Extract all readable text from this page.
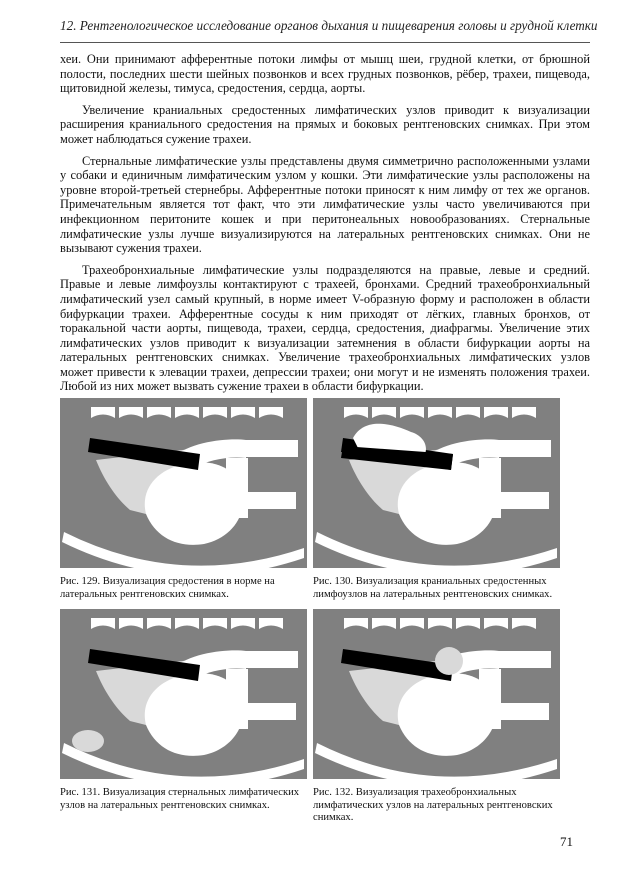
12. Рентгенологическое исследование органов дыхания и пищеварения головы и грудной клетки

хеи. Они принимают афферентные потоки лимфы от мышц шеи, грудной клетки, от брюшной полости, последних шести шейных позвонков и всех грудных позвонков, рёбер, трахеи, пищевода, щитовидной железы, тимуса, средостения, сердца, аорты.

Увеличение краниальных средостенных лимфатических узлов приводит к визуализации расширения краниального средостения на прямых и боковых рентгеновских снимках. При этом может наблюдаться сужение трахеи.

Стернальные лимфатические узлы представлены двумя симметрично расположенными узлами у собаки и единичным лимфатическим узлом у кошки. Эти лимфатические узлы расположены на уровне второй-третьей стернебры. Афферентные потоки приносят к ним лимфу от тех же органов. Примечательным является тот факт, что эти лимфатические узлы часто увеличиваются при инфекционном перитоните кошек и при перитонеальных новообразованиях. Стернальные лимфатические узлы лучше визуализируются на латеральных рентгеновских снимках. Они не вызывают сужения трахеи.

Трахеобронхиальные лимфатические узлы подразделяются на правые, левые и средний. Правые и левые лимфоузлы контактируют с трахеей, бронхами. Средний трахеобронхиальный лимфатический узел самый крупный, в норме имеет V-образную форму и расположен в области бифуркации трахеи. Афферентные сосуды к ним приходят от лёгких, главных бронхов, от торакальной части аорты, пищевода, трахеи, сердца, средостения, диафрагмы. Увеличение этих лимфатических узлов приводит к визуализации затемнения в области бифуркации аорты на латеральных рентгеновских снимках. Увеличение трахеобронхиальных лимфатических узлов может привести к элевации трахеи, депрессии трахеи; они могут и не изменять положения трахеи. Любой из них может вызвать сужение трахеи в области бифуркации.

Рис. 129. Визуализация средостения в норме на латеральных рентгеновских снимках.
Рис. 130. Визуализация краниальных средостенных лимфоузлов на латеральных рентгеновских снимках.
Рис. 131. Визуализация стернальных лимфатических узлов на латеральных рентгеновских снимках.
Рис. 132. Визуализация трахеобронхиальных лимфатических узлов на латеральных рентгеновских снимках.
71
